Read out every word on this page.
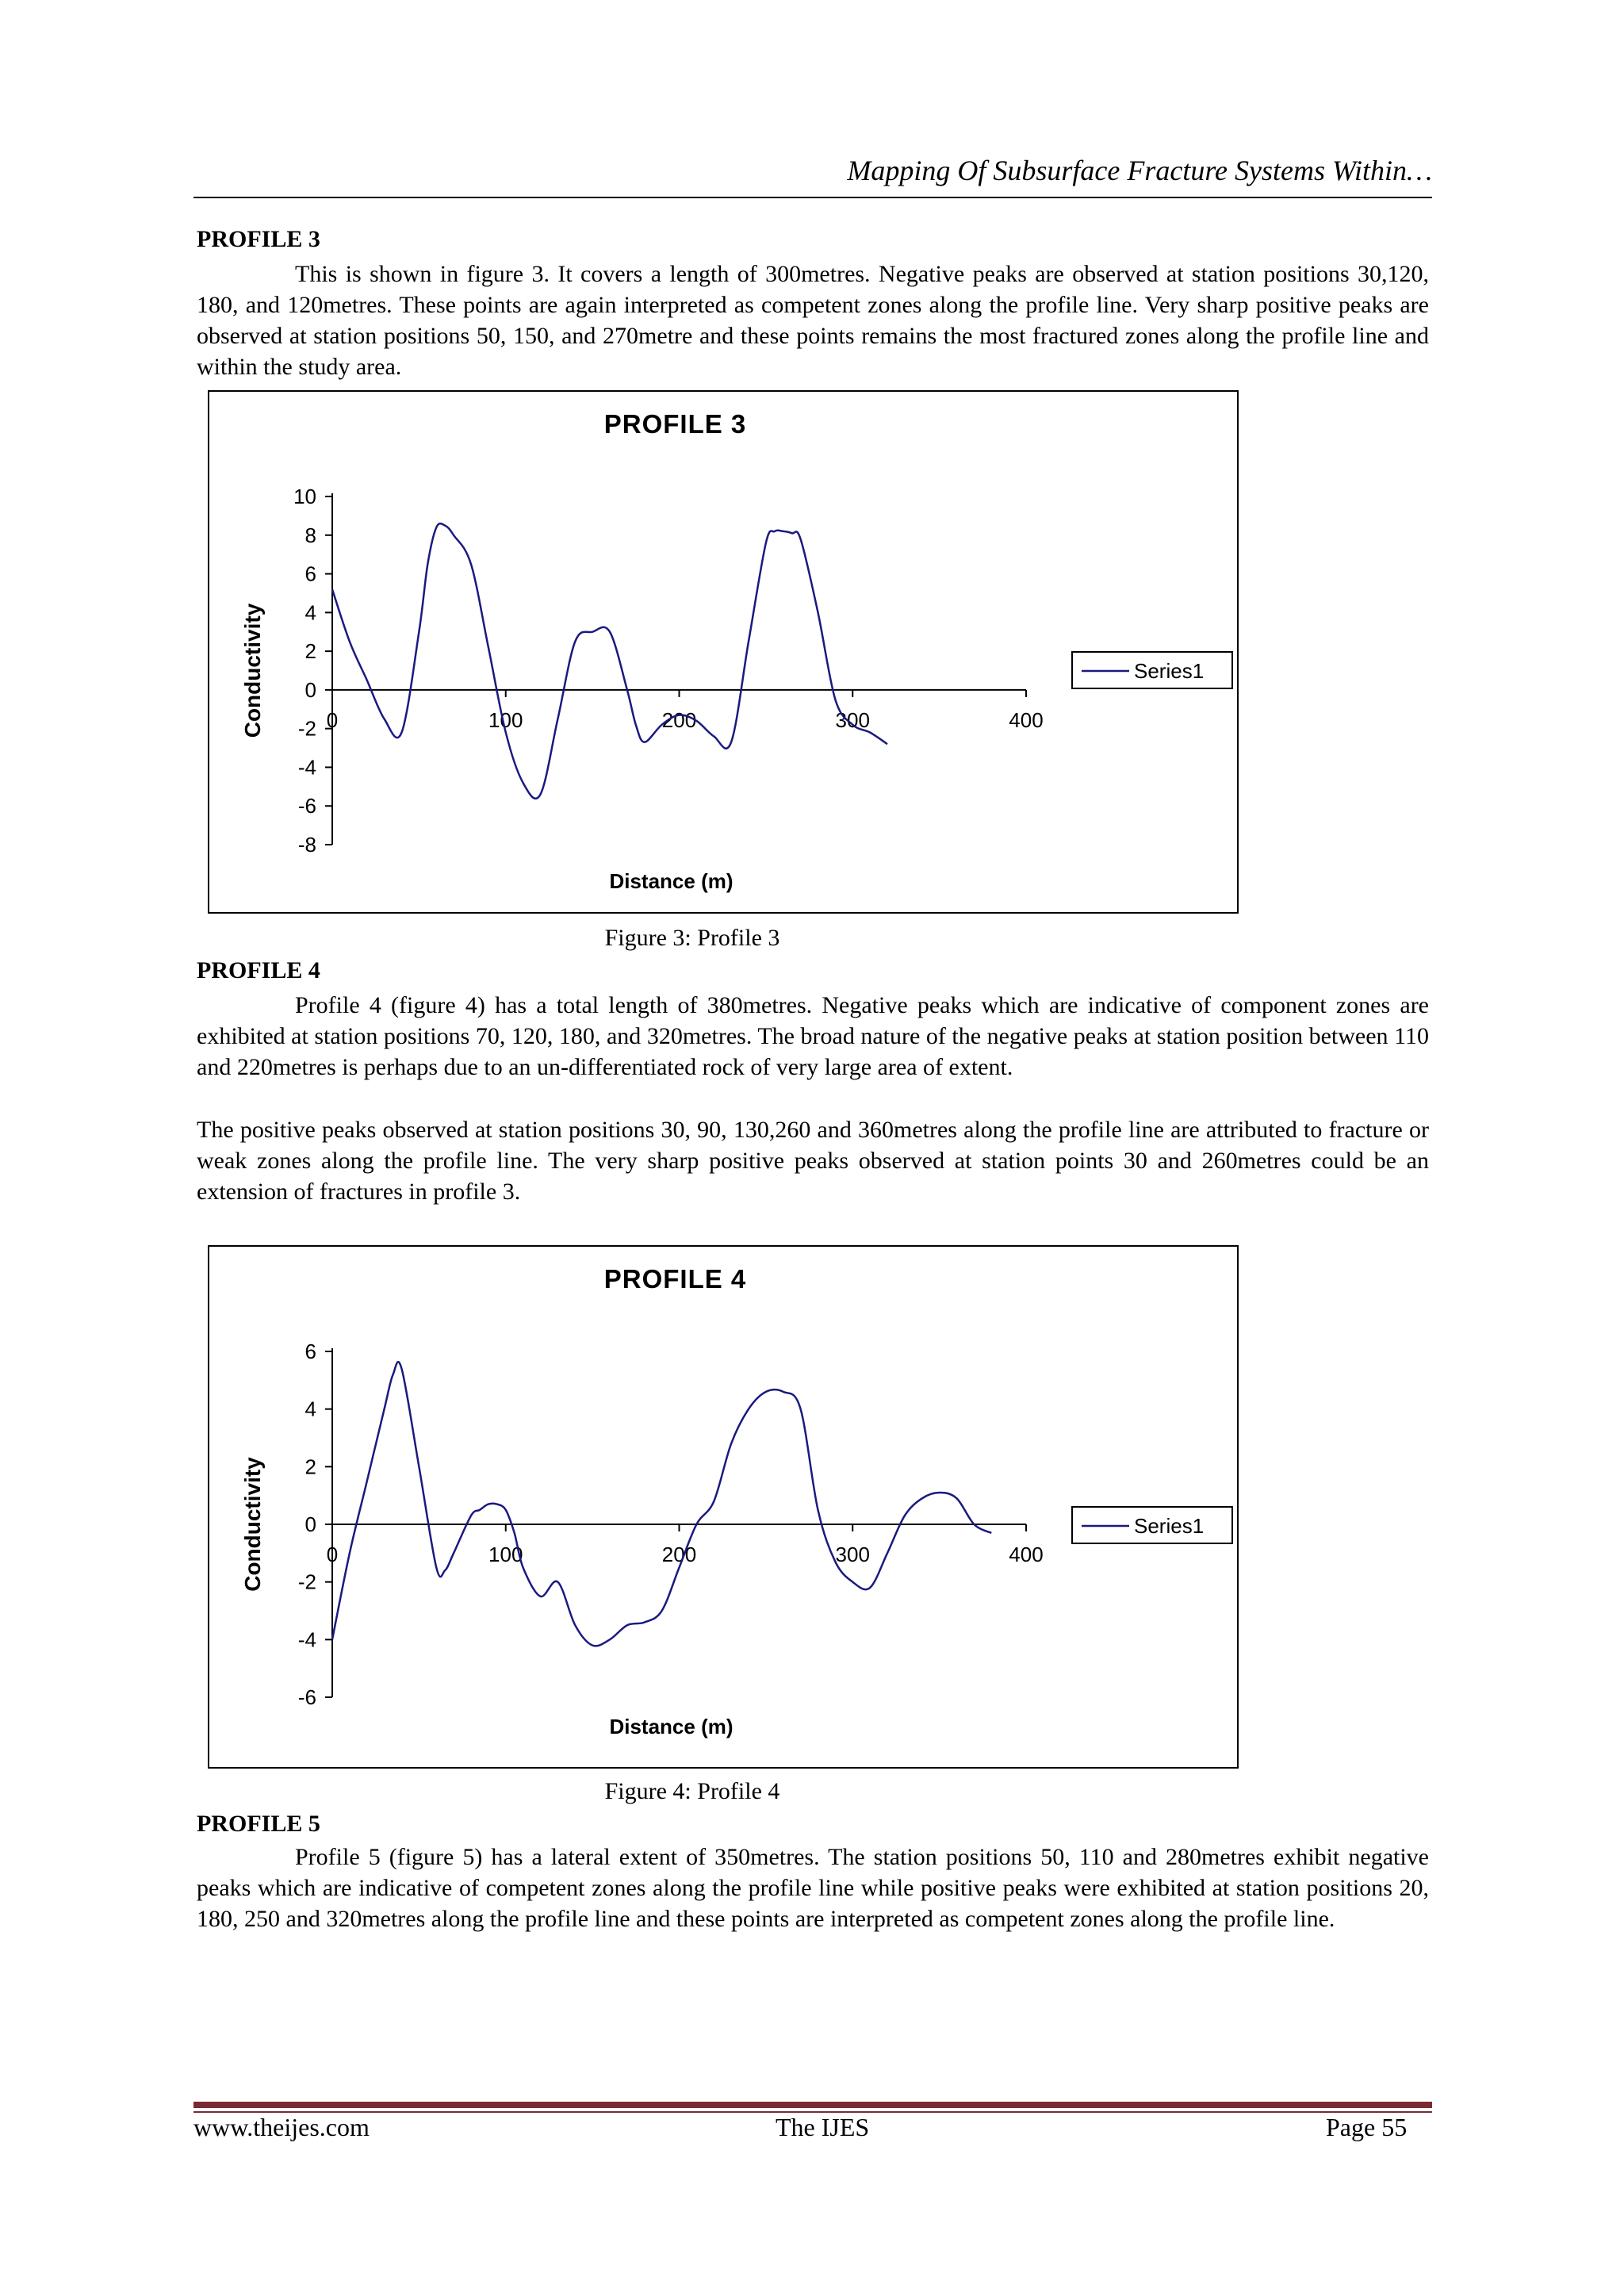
Mapping Of Subsurface Fracture Systems Within…
PROFILE 3

This is shown in figure 3. It covers a length of 300metres. Negative peaks are observed at station positions 30,120, 180, and 120metres. These points are again interpreted as competent zones along the profile line. Very sharp positive peaks are observed at station positions 50, 150, and 270metre and these points remains the most fractured zones along the profile line and within the study area.

PROFILE 3
10
8
6
4
2
0
-2
-4
-6
-8
0	100	200	300	400
Distance (m)
Conductivity	Series1
Figure 3: Profile 3
PROFILE 4

Profile 4 (figure 4) has a total length of 380metres. Negative peaks which are indicative of component zones are exhibited at station positions 70, 120, 180, and 320metres. The broad nature of the negative peaks at station position between 110 and 220metres is perhaps due to an un-differentiated rock of very large area of extent.

The positive peaks observed at station positions 30, 90, 130,260 and 360metres along the profile line are attributed to fracture or weak zones along the profile line. The very sharp positive peaks observed at station points 30 and 260metres could be an extension of fractures in profile 3.

PROFILE 4
6
4
2
0
-2
-4
-6
0	100	200	300	400
Distance (m)
Conductivity	Series1
Figure 4: Profile 4
PROFILE 5

Profile 5 (figure 5) has a lateral extent of 350metres. The station positions 50, 110 and 280metres exhibit negative peaks which are indicative of competent zones along the profile line while positive peaks were exhibited at station positions 20, 180, 250 and 320metres along the profile line and these points are interpreted as competent zones along the profile line.

www.theijes.com	The IJES	Page 55
